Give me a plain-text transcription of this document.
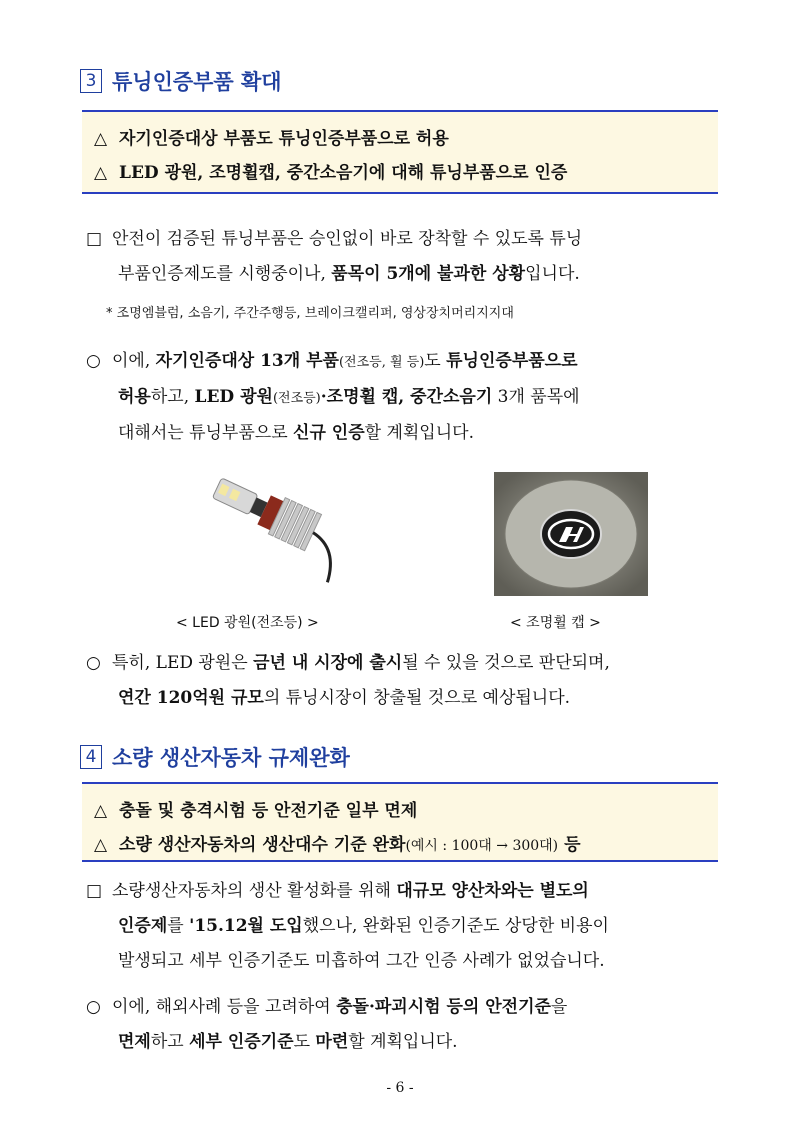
3 튜닝인증부품 확대
△ 자기인증대상 부품도 튜닝인증부품으로 허용
△ LED 광원, 조명휠캡, 중간소음기에 대해 튜닝부품으로 인증
□ 안전이 검증된 튜닝부품은 승인없이 바로 장착할 수 있도록 튜닝
부품인증제도를 시행중이나, 품목이 5개에 불과한 상황입니다.
* 조명엠블럼, 소음기, 주간주행등, 브레이크캘리퍼, 영상장치머리지지대
○ 이에, 자기인증대상 13개 부품(전조등, 휠 등)도 튜닝인증부품으로
허용하고, LED 광원(전조등)·조명휠 캡, 중간소음기 3개 품목에
대해서는 튜닝부품으로 신규 인증할 계획입니다.
< LED 광원(전조등) >	< 조명휠 캡 >
○ 특히, LED 광원은 금년 내 시장에 출시될 수 있을 것으로 판단되며,
연간 120억원 규모의 튜닝시장이 창출될 것으로 예상됩니다.
4 소량 생산자동차 규제완화
△ 충돌 및 충격시험 등 안전기준 일부 면제
△ 소량 생산자동차의 생산대수 기준 완화(예시 : 100대 → 300대) 등
□ 소량생산자동차의 생산 활성화를 위해 대규모 양산차와는 별도의
인증제를 '15.12월 도입했으나, 완화된 인증기준도 상당한 비용이
발생되고 세부 인증기준도 미흡하여 그간 인증 사례가 없었습니다.
○ 이에, 해외사례 등을 고려하여 충돌·파괴시험 등의 안전기준을
면제하고 세부 인증기준도 마련할 계획입니다.
- 6 -
